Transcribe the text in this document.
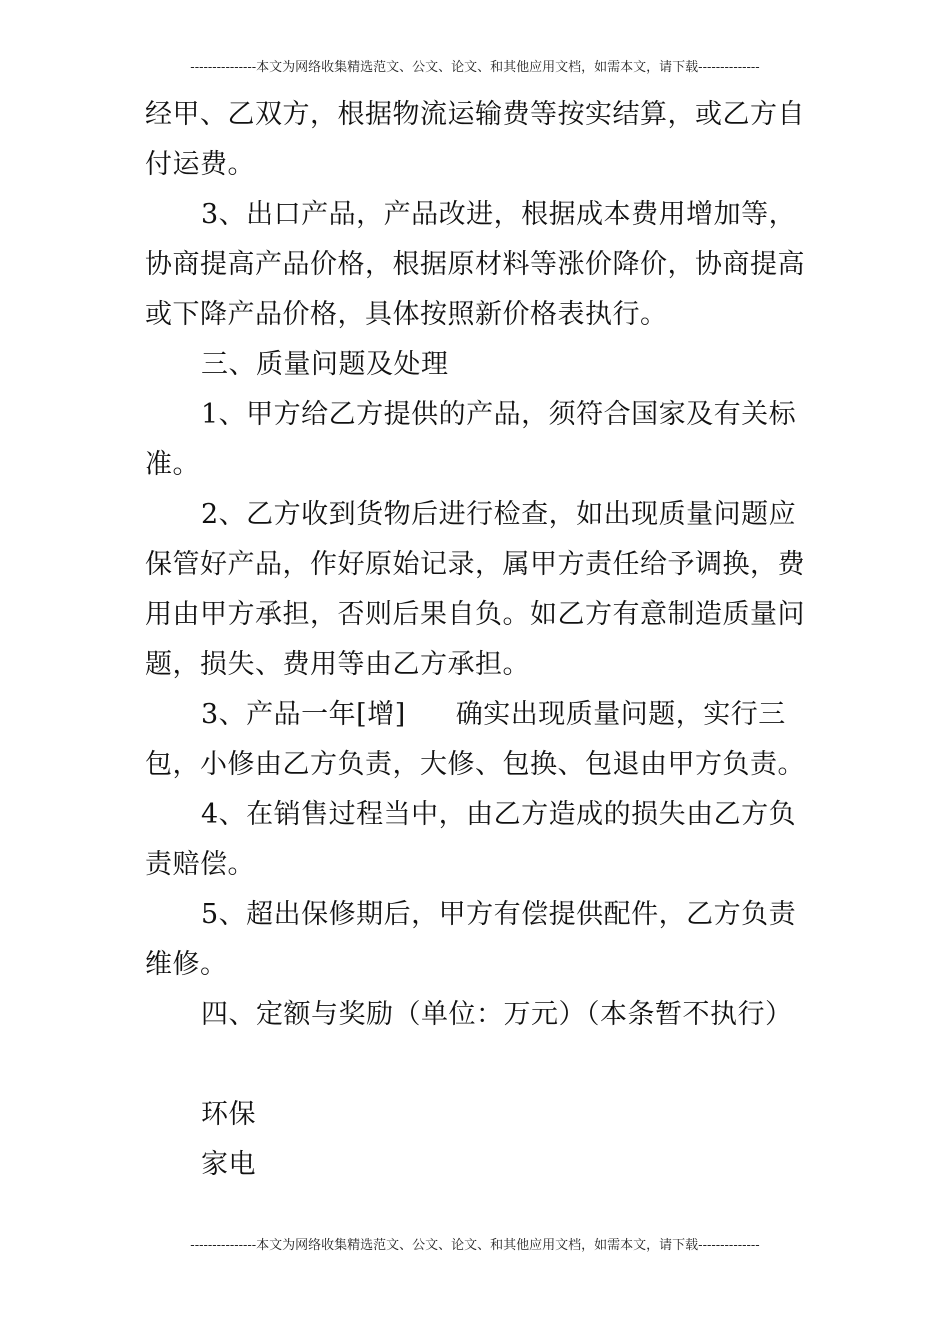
---------------本文为网络收集精选范文、公文、论文、和其他应用文档，如需本文，请下载--------------

经甲、乙双方，根据物流运输费等按实结算，或乙方自付运费。

3、出口产品，产品改进，根据成本费用增加等，协商提高产品价格，根据原材料等涨价降价，协商提高或下降产品价格，具体按照新价格表执行。

三、质量问题及处理

1、甲方给乙方提供的产品，须符合国家及有关标准。

2、乙方收到货物后进行检查，如出现质量问题应保管好产品，作好原始记录，属甲方责任给予调换，费用由甲方承担，否则后果自负。如乙方有意制造质量问题，损失、费用等由乙方承担。

3、产品一年[增] 确实出现质量问题，实行三包，小修由乙方负责，大修、包换、包退由甲方负责。

4、在销售过程当中，由乙方造成的损失由乙方负责赔偿。

5、超出保修期后，甲方有偿提供配件，乙方负责维修。

四、定额与奖励（单位：万元）（本条暂不执行）

环保

家电

---------------本文为网络收集精选范文、公文、论文、和其他应用文档，如需本文，请下载--------------
